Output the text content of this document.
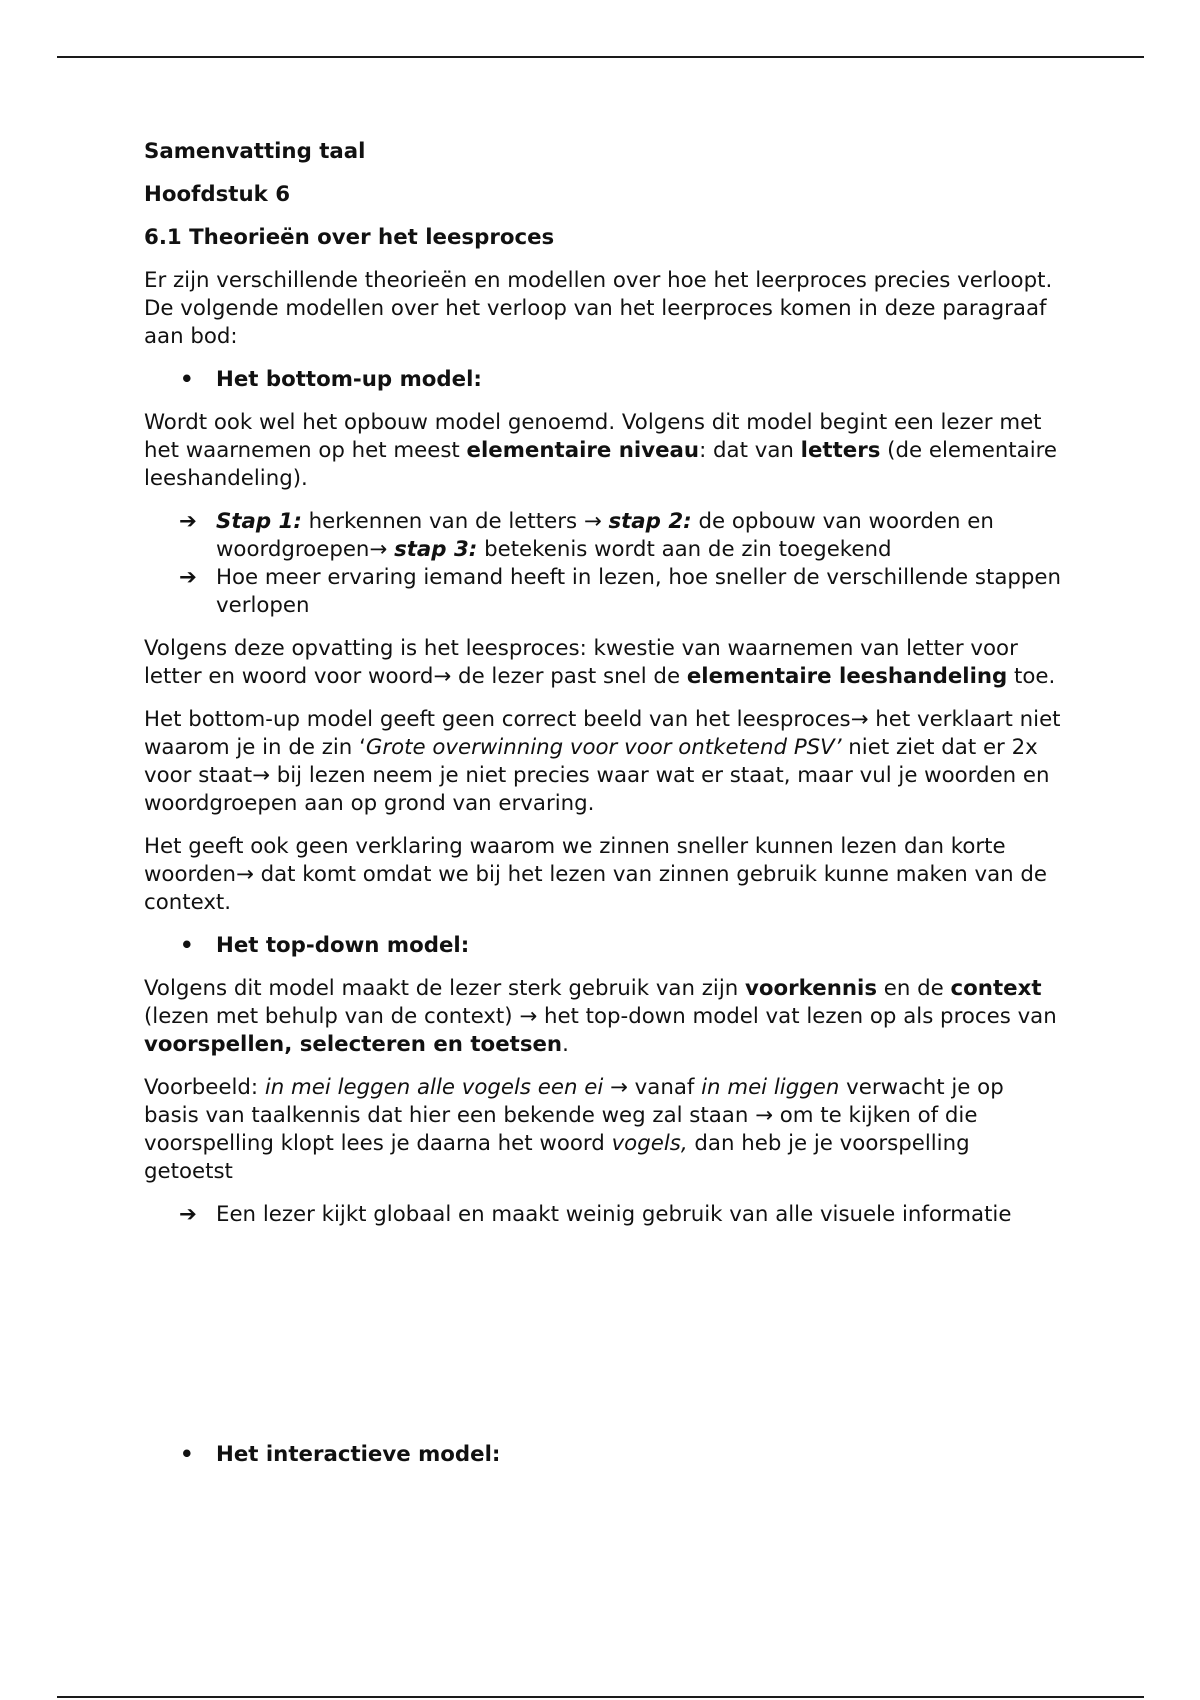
Samenvatting taal

Hoofdstuk 6

6.1 Theorieën over het leesproces

Er zijn verschillende theorieën en modellen over hoe het leerproces precies verloopt. De volgende modellen over het verloop van het leerproces komen in deze paragraaf aan bod:

• Het bottom-up model:

Wordt ook wel het opbouw model genoemd. Volgens dit model begint een lezer met het waarnemen op het meest elementaire niveau: dat van letters (de elementaire leeshandeling).

➔ Stap 1: herkennen van de letters → stap 2: de opbouw van woorden en woordgroepen→ stap 3: betekenis wordt aan de zin toegekend

➔ Hoe meer ervaring iemand heeft in lezen, hoe sneller de verschillende stappen verlopen

Volgens deze opvatting is het leesproces: kwestie van waarnemen van letter voor letter en woord voor woord→ de lezer past snel de elementaire leeshandeling toe.

Het bottom-up model geeft geen correct beeld van het leesproces→ het verklaart niet waarom je in de zin ‘Grote overwinning voor voor ontketend PSV’ niet ziet dat er 2x voor staat→ bij lezen neem je niet precies waar wat er staat, maar vul je woorden en woordgroepen aan op grond van ervaring.

Het geeft ook geen verklaring waarom we zinnen sneller kunnen lezen dan korte woorden→ dat komt omdat we bij het lezen van zinnen gebruik kunne maken van de context.

• Het top-down model:

Volgens dit model maakt de lezer sterk gebruik van zijn voorkennis en de context (lezen met behulp van de context) → het top-down model vat lezen op als proces van voorspellen, selecteren en toetsen.

Voorbeeld: in mei leggen alle vogels een ei → vanaf in mei liggen verwacht je op basis van taalkennis dat hier een bekende weg zal staan → om te kijken of die voorspelling klopt lees je daarna het woord vogels, dan heb je je voorspelling getoetst

➔ Een lezer kijkt globaal en maakt weinig gebruik van alle visuele informatie

• Het interactieve model:
